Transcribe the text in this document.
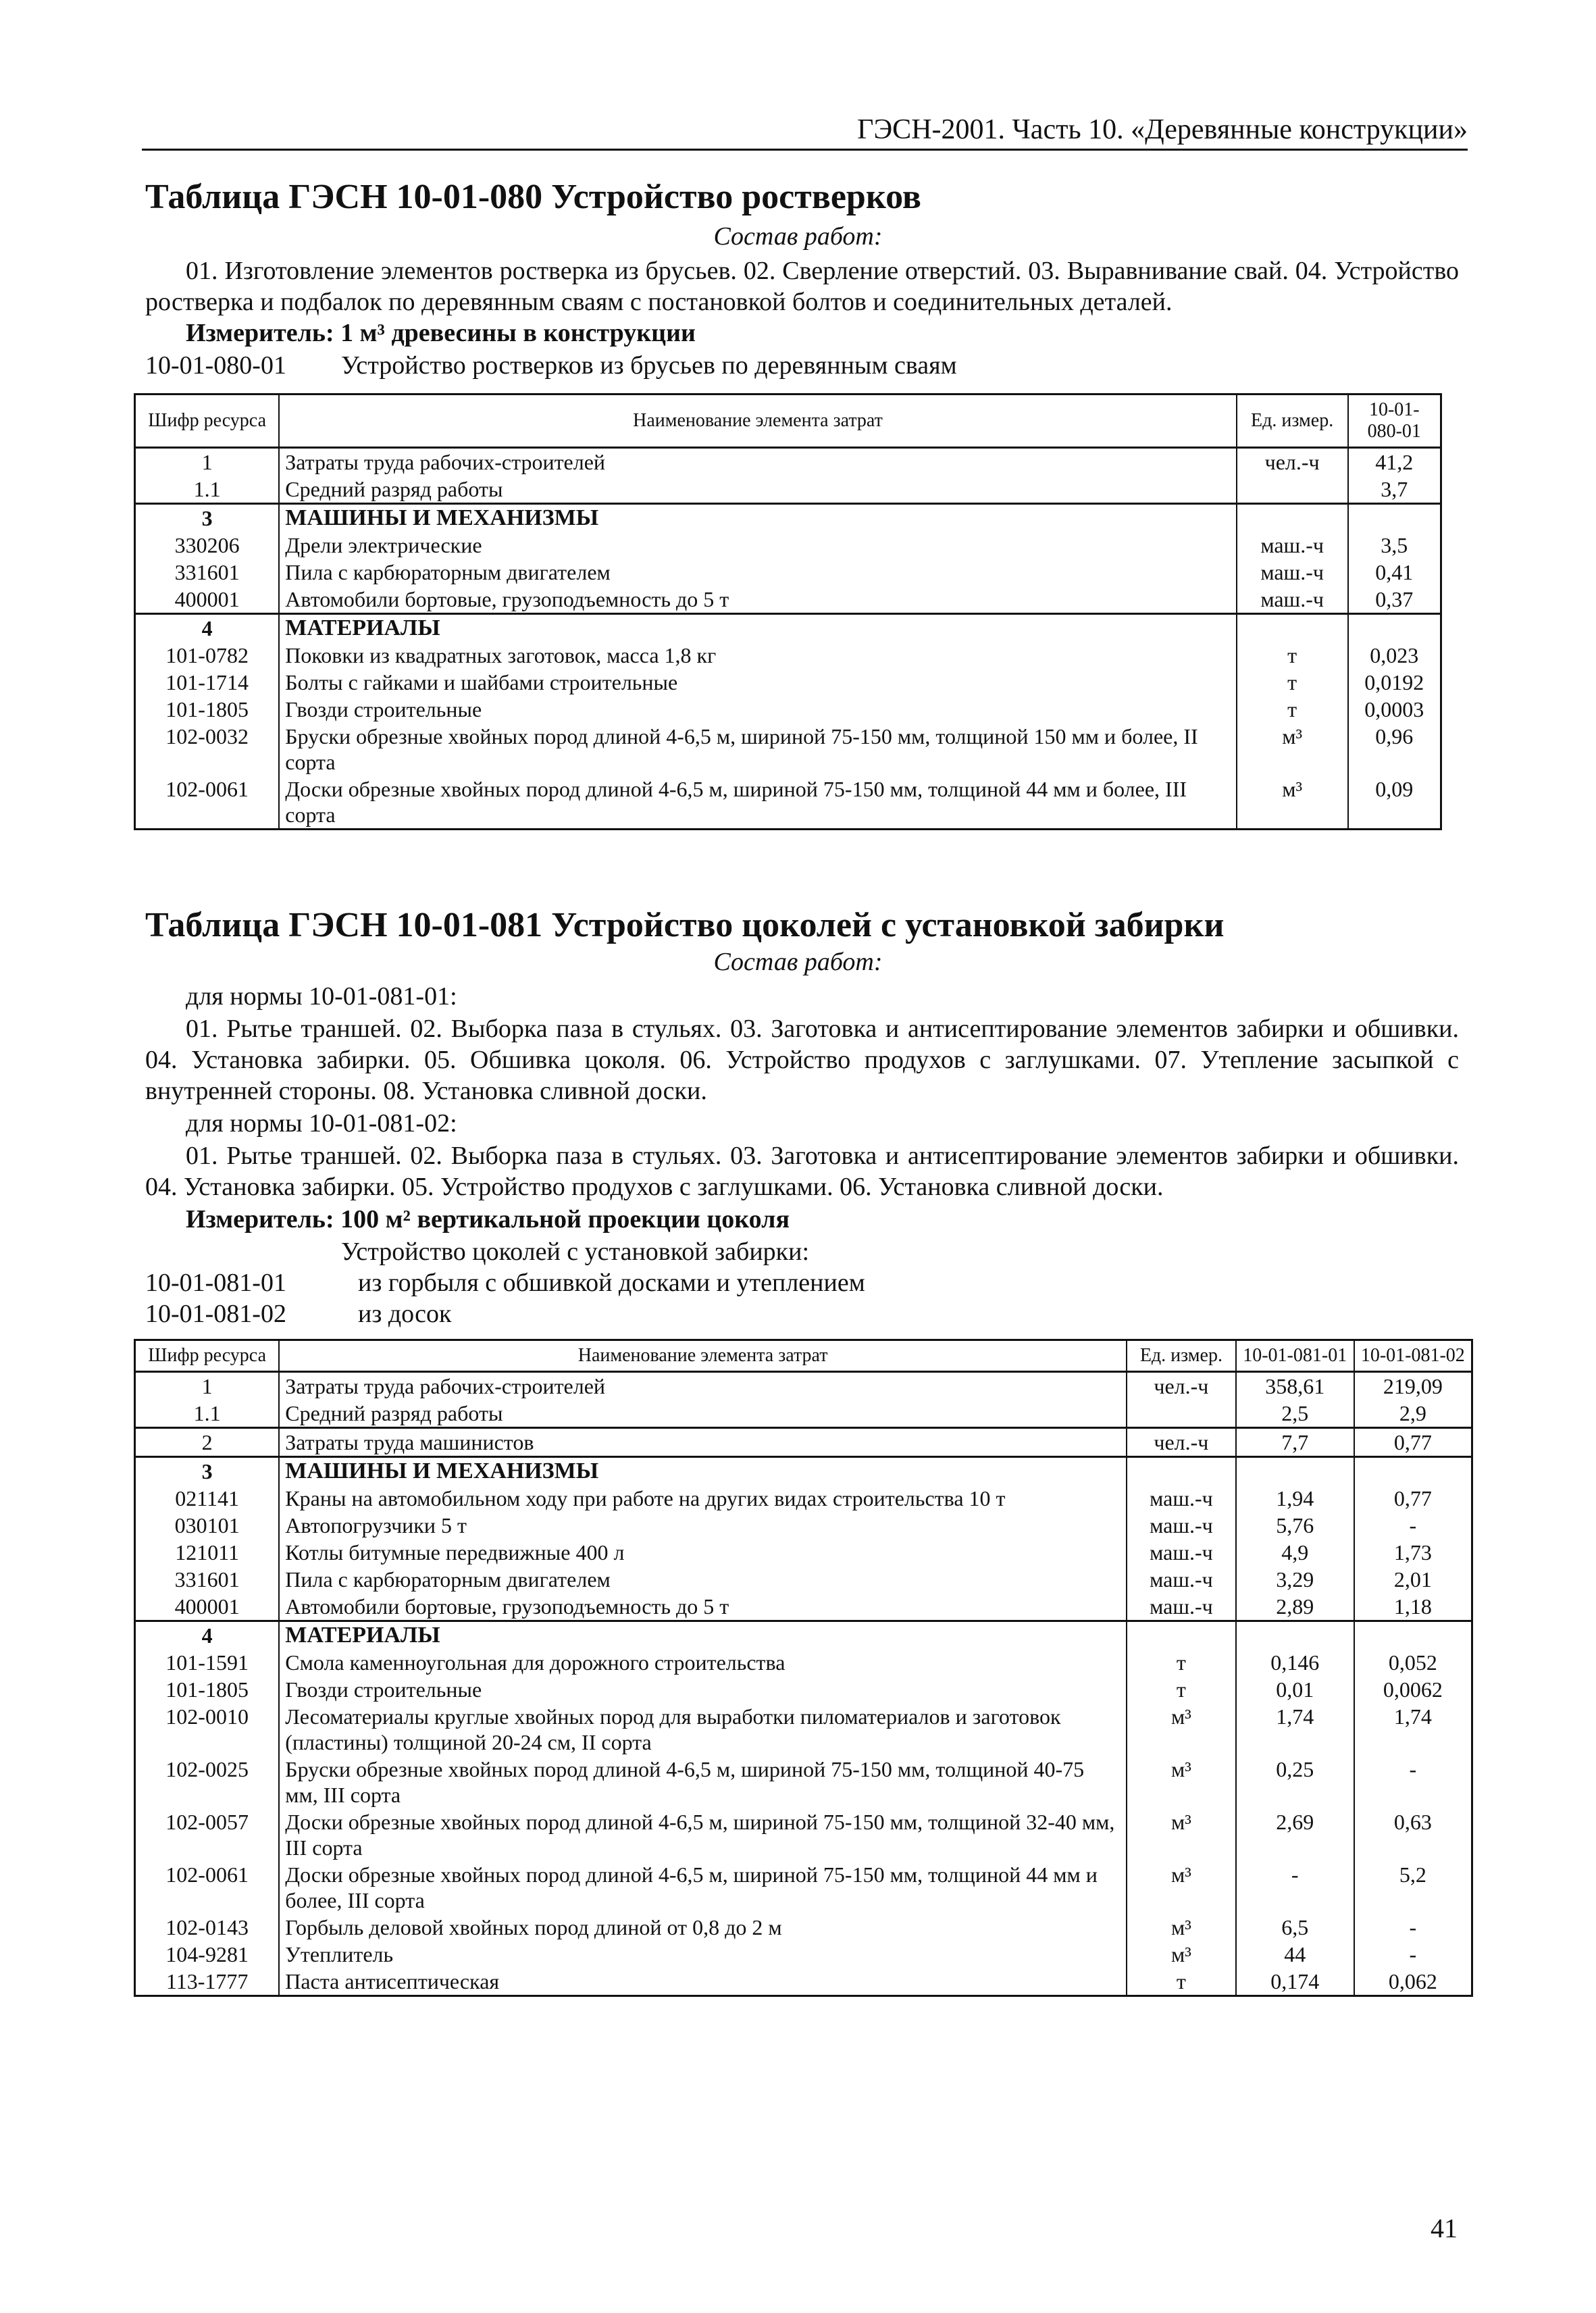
ГЭСН-2001. Часть 10. «Деревянные конструкции»
Таблица ГЭСН 10-01-080 Устройство ростверков
Состав работ:
01. Изготовление элементов ростверка из брусьев. 02. Сверление отверстий. 03. Выравнивание свай. 04. Устройство ростверка и подбалок по деревянным сваям с постановкой болтов и соединительных деталей.
Измеритель: 1 м³ древесины в конструкции
10-01-080-01 Устройство ростверков из брусьев по деревянным сваям
Шифр ресурса	Наименование элемента затрат	Ед. измер.	10-01-080-01
1	Затраты труда рабочих-строителей	чел.-ч	41,2
1.1	Средний разряд работы		3,7
3	МАШИНЫ И МЕХАНИЗМЫ		
330206	Дрели электрические	маш.-ч	3,5
331601	Пила с карбюраторным двигателем	маш.-ч	0,41
400001	Автомобили бортовые, грузоподъемность до 5 т	маш.-ч	0,37
4	МАТЕРИАЛЫ		
101-0782	Поковки из квадратных заготовок, масса 1,8 кг	т	0,023
101-1714	Болты с гайками и шайбами строительные	т	0,0192
101-1805	Гвозди строительные	т	0,0003
102-0032	Бруски обрезные хвойных пород длиной 4-6,5 м, шириной 75-150 мм, толщиной 150 мм и более, II сорта	м³	0,96
102-0061	Доски обрезные хвойных пород длиной 4-6,5 м, шириной 75-150 мм, толщиной 44 мм и более, III сорта	м³	0,09
Таблица ГЭСН 10-01-081 Устройство цоколей с установкой забирки
Состав работ:
для нормы 10-01-081-01:
01. Рытье траншей. 02. Выборка паза в стульях. 03. Заготовка и антисептирование элементов забирки и обшивки. 04. Установка забирки. 05. Обшивка цоколя. 06. Устройство продухов с заглушками. 07. Утепление засыпкой с внутренней стороны. 08. Установка сливной доски.
для нормы 10-01-081-02:
01. Рытье траншей. 02. Выборка паза в стульях. 03. Заготовка и антисептирование элементов забирки и обшивки. 04. Установка забирки. 05. Устройство продухов с заглушками. 06. Установка сливной доски.
Измеритель: 100 м² вертикальной проекции цоколя
Устройство цоколей с установкой забирки:
10-01-081-01	из горбыля с обшивкой досками и утеплением
10-01-081-02	из досок
Шифр ресурса	Наименование элемента затрат	Ед. измер.	10-01-081-01	10-01-081-02
1	Затраты труда рабочих-строителей	чел.-ч	358,61	219,09
1.1	Средний разряд работы		2,5	2,9
2	Затраты труда машинистов	чел.-ч	7,7	0,77
3	МАШИНЫ И МЕХАНИЗМЫ			
021141	Краны на автомобильном ходу при работе на других видах строительства 10 т	маш.-ч	1,94	0,77
030101	Автопогрузчики 5 т	маш.-ч	5,76	-
121011	Котлы битумные передвижные 400 л	маш.-ч	4,9	1,73
331601	Пила с карбюраторным двигателем	маш.-ч	3,29	2,01
400001	Автомобили бортовые, грузоподъемность до 5 т	маш.-ч	2,89	1,18
4	МАТЕРИАЛЫ			
101-1591	Смола каменноугольная для дорожного строительства	т	0,146	0,052
101-1805	Гвозди строительные	т	0,01	0,0062
102-0010	Лесоматериалы круглые хвойных пород для выработки пиломатериалов и заготовок (пластины) толщиной 20-24 см, II сорта	м³	1,74	1,74
102-0025	Бруски обрезные хвойных пород длиной 4-6,5 м, шириной 75-150 мм, толщиной 40-75 мм, III сорта	м³	0,25	-
102-0057	Доски обрезные хвойных пород длиной 4-6,5 м, шириной 75-150 мм, толщиной 32-40 мм, III сорта	м³	2,69	0,63
102-0061	Доски обрезные хвойных пород длиной 4-6,5 м, шириной 75-150 мм, толщиной 44 мм и более, III сорта	м³	-	5,2
102-0143	Горбыль деловой хвойных пород длиной от 0,8 до 2 м	м³	6,5	-
104-9281	Утеплитель	м³	44	-
113-1777	Паста антисептическая	т	0,174	0,062
41
